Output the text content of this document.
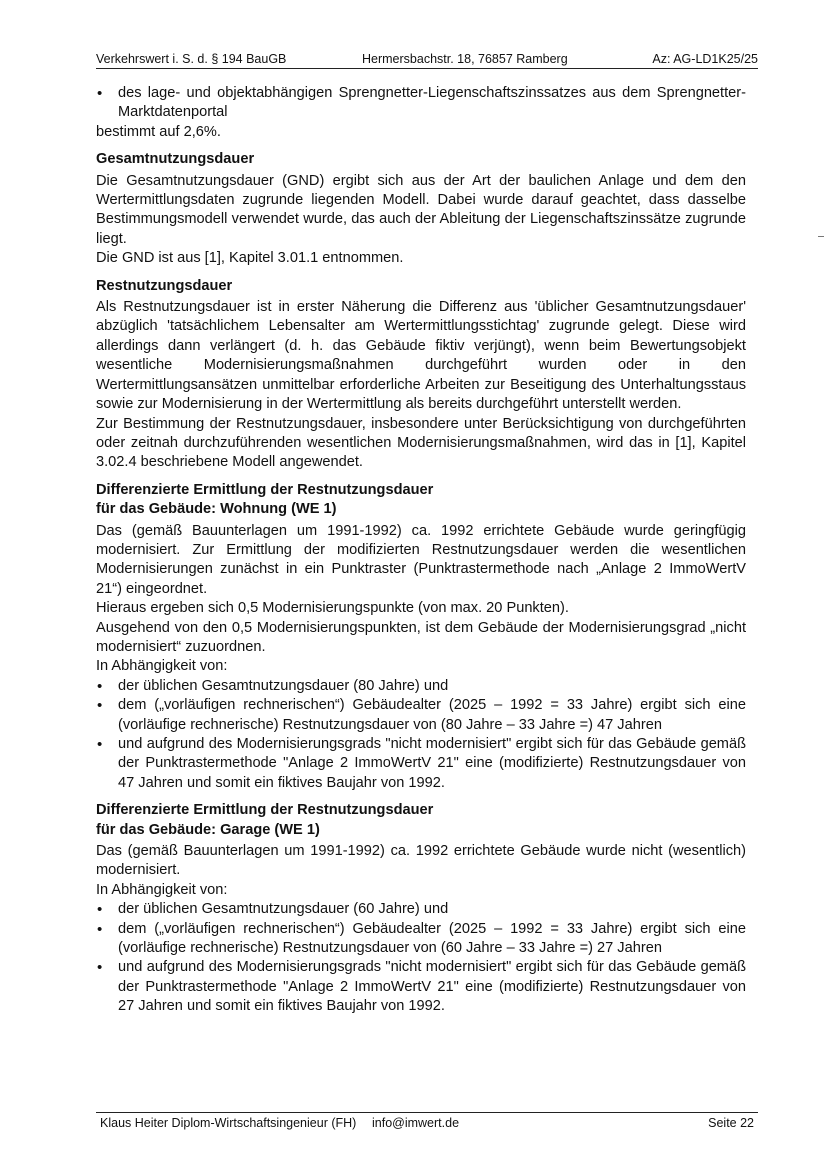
Verkehrswert i. S. d. § 194 BauGB	Hermersbachstr. 18, 76857 Ramberg	Az: AG-LD1K25/25
• des lage- und objektabhängigen Sprengnetter-Liegenschaftszinssatzes aus dem Sprengnetter-Marktdatenportal

bestimmt auf 2,6%.

Gesamtnutzungsdauer

Die Gesamtnutzungsdauer (GND) ergibt sich aus der Art der baulichen Anlage und dem den Wertermittlungsdaten zugrunde liegenden Modell. Dabei wurde darauf geachtet, dass dasselbe Bestimmungsmodell verwendet wurde, das auch der Ableitung der Liegenschaftszinssätze zugrunde liegt.

Die GND ist aus [1], Kapitel 3.01.1 entnommen.

Restnutzungsdauer

Als Restnutzungsdauer ist in erster Näherung die Differenz aus 'üblicher Gesamtnutzungsdauer' abzüglich 'tatsächlichem Lebensalter am Wertermittlungsstichtag' zugrunde gelegt. Diese wird allerdings dann verlängert (d. h. das Gebäude fiktiv verjüngt), wenn beim Bewertungsobjekt wesentliche Modernisierungsmaßnahmen durchgeführt wurden oder in den Wertermittlungsansätzen unmittelbar erforderliche Arbeiten zur Beseitigung des Unterhaltungsstaus sowie zur Modernisierung in der Wertermittlung als bereits durchgeführt unterstellt werden.

Zur Bestimmung der Restnutzungsdauer, insbesondere unter Berücksichtigung von durchgeführten oder zeitnah durchzuführenden wesentlichen Modernisierungsmaßnahmen, wird das in [1], Kapitel 3.02.4 beschriebene Modell angewendet.

Differenzierte Ermittlung der Restnutzungsdauer
für das Gebäude: Wohnung (WE 1)

Das (gemäß Bauunterlagen um 1991-1992) ca. 1992 errichtete Gebäude wurde geringfügig modernisiert. Zur Ermittlung der modifizierten Restnutzungsdauer werden die wesentlichen Modernisierungen zunächst in ein Punktraster (Punktrastermethode nach „Anlage 2 ImmoWertV 21“) eingeordnet.

Hieraus ergeben sich 0,5 Modernisierungspunkte (von max. 20 Punkten).

Ausgehend von den 0,5 Modernisierungspunkten, ist dem Gebäude der Modernisierungsgrad „nicht modernisiert“ zuzuordnen.

In Abhängigkeit von:

• der üblichen Gesamtnutzungsdauer (80 Jahre) und
• dem („vorläufigen rechnerischen“) Gebäudealter (2025 – 1992 = 33 Jahre) ergibt sich eine (vorläufige rechnerische) Restnutzungsdauer von (80 Jahre – 33 Jahre =) 47 Jahren
• und aufgrund des Modernisierungsgrads "nicht modernisiert" ergibt sich für das Gebäude gemäß der Punktrastermethode "Anlage 2 ImmoWertV 21" eine (modifizierte) Restnutzungsdauer von 47 Jahren und somit ein fiktives Baujahr von 1992.
Differenzierte Ermittlung der Restnutzungsdauer
für das Gebäude: Garage (WE 1)

Das (gemäß Bauunterlagen um 1991-1992) ca. 1992 errichtete Gebäude wurde nicht (wesentlich) modernisiert.

In Abhängigkeit von:

• der üblichen Gesamtnutzungsdauer (60 Jahre) und
• dem („vorläufigen rechnerischen“) Gebäudealter (2025 – 1992 = 33 Jahre) ergibt sich eine (vorläufige rechnerische) Restnutzungsdauer von (60 Jahre – 33 Jahre =) 27 Jahren
• und aufgrund des Modernisierungsgrads "nicht modernisiert" ergibt sich für das Gebäude gemäß der Punktrastermethode "Anlage 2 ImmoWertV 21" eine (modifizierte) Restnutzungsdauer von 27 Jahren und somit ein fiktives Baujahr von 1992.
Klaus Heiter Diplom-Wirtschaftsingenieur (FH) info@imwert.de	Seite 22
